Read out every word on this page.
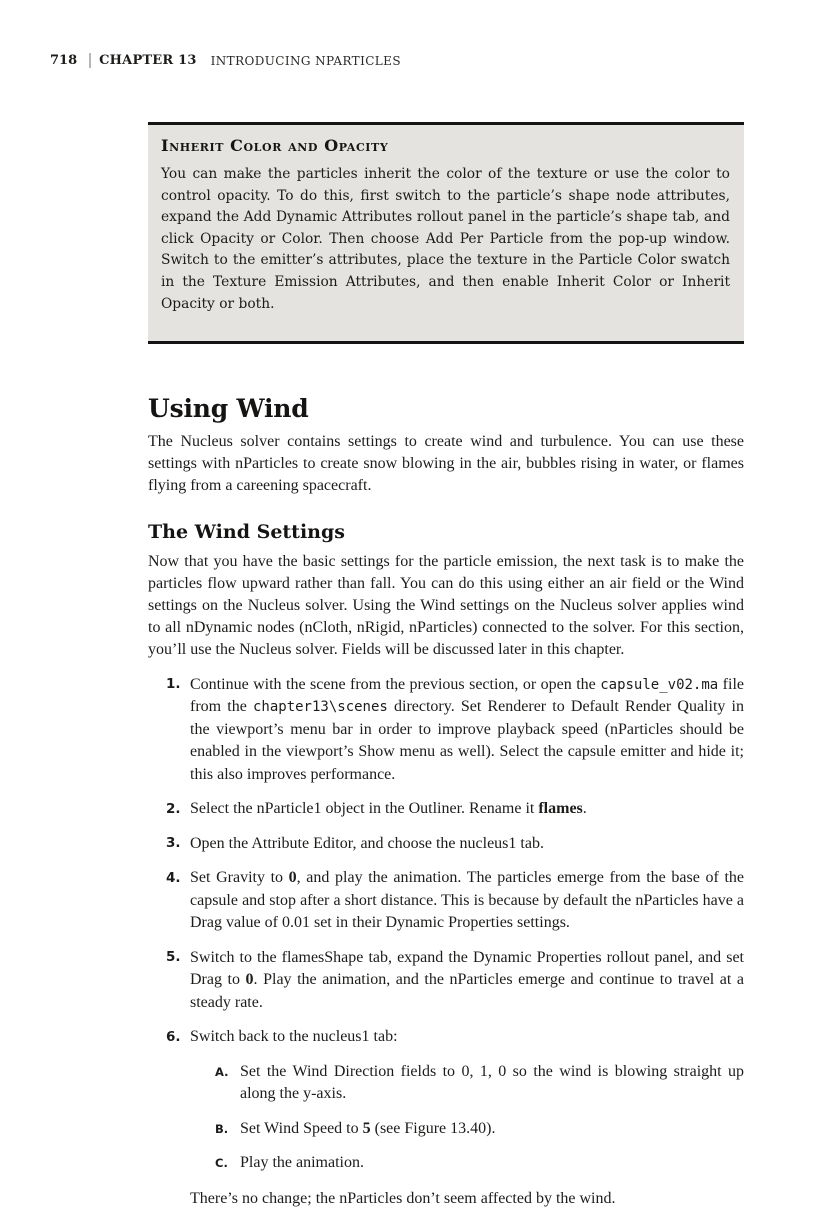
718 CHAPTER 13 INTRODUCING NPARTICLES
Inherit Color and Opacity

You can make the particles inherit the color of the texture or use the color to control opacity. To do this, first switch to the particle’s shape node attributes, expand the Add Dynamic Attributes rollout panel in the particle’s shape tab, and click Opacity or Color. Then choose Add Per Particle from the pop-up window. Switch to the emitter’s attributes, place the texture in the Particle Color swatch in the Texture Emission Attributes, and then enable Inherit Color or Inherit Opacity or both.

Using Wind

The Nucleus solver contains settings to create wind and turbulence. You can use these settings with nParticles to create snow blowing in the air, bubbles rising in water, or flames flying from a careening spacecraft.

The Wind Settings

Now that you have the basic settings for the particle emission, the next task is to make the particles flow upward rather than fall. You can do this using either an air field or the Wind settings on the Nucleus solver. Using the Wind settings on the Nucleus solver applies wind to all nDynamic nodes (nCloth, nRigid, nParticles) connected to the solver. For this section, you’ll use the Nucleus solver. Fields will be discussed later in this chapter.

1. Continue with the scene from the previous section, or open the capsule_v02.ma file from the chapter13\scenes directory. Set Renderer to Default Render Quality in the viewport’s menu bar in order to improve playback speed (nParticles should be enabled in the viewport’s Show menu as well). Select the capsule emitter and hide it; this also improves performance.
2. Select the nParticle1 object in the Outliner. Rename it flames.
3. Open the Attribute Editor, and choose the nucleus1 tab.
4. Set Gravity to 0, and play the animation. The particles emerge from the base of the capsule and stop after a short distance. This is because by default the nParticles have a Drag value of 0.01 set in their Dynamic Properties settings.
5. Switch to the flamesShape tab, expand the Dynamic Properties rollout panel, and set Drag to 0. Play the animation, and the nParticles emerge and continue to travel at a steady rate.
6. Switch back to the nucleus1 tab:
A. Set the Wind Direction fields to 0, 1, 0 so the wind is blowing straight up along the y-axis.
B. Set Wind Speed to 5 (see Figure 13.40).
C. Play the animation.

There’s no change; the nParticles don’t seem affected by the wind.
